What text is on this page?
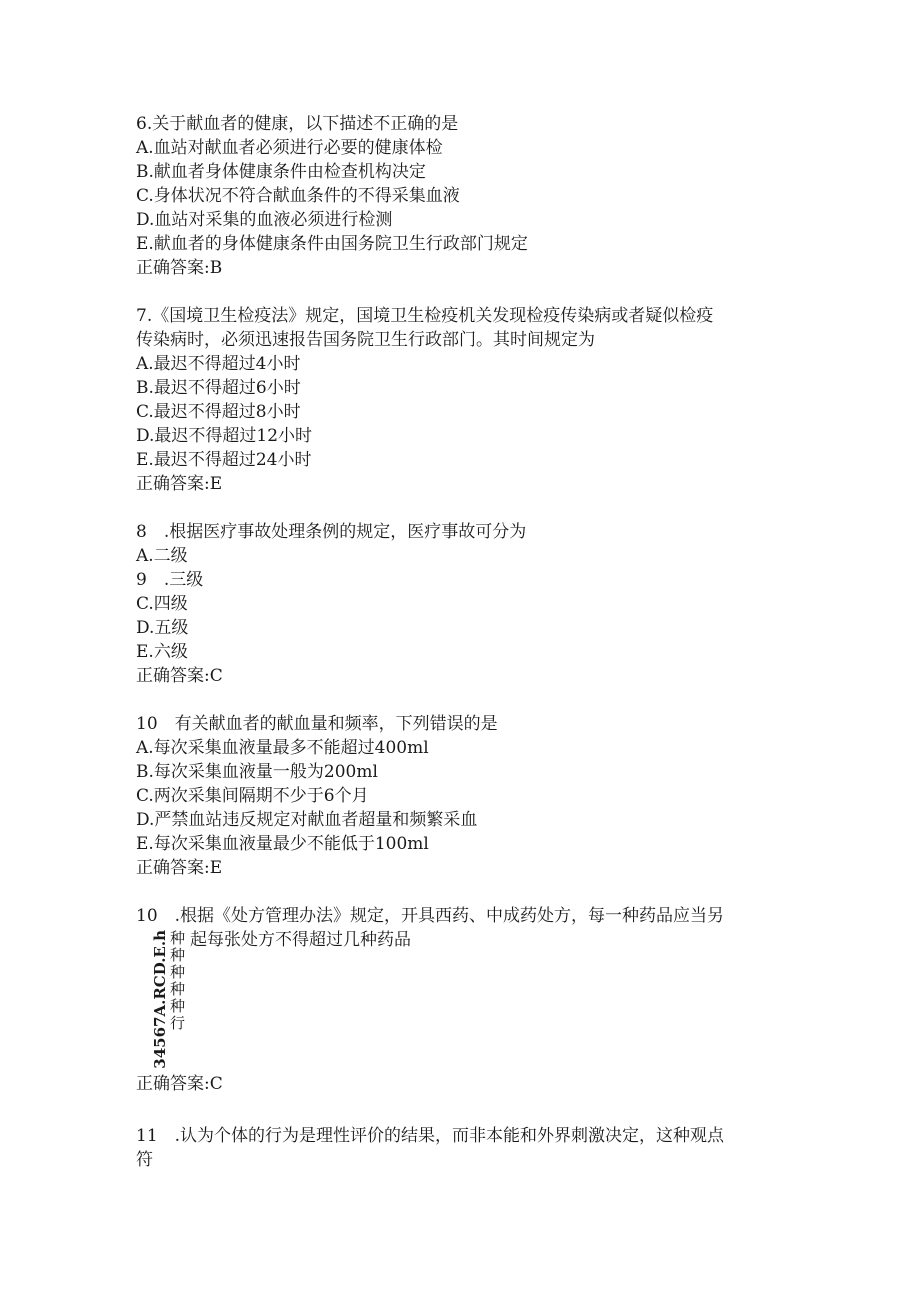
6.关于献血者的健康，以下描述不正确的是
A.血站对献血者必须进行必要的健康体检
B.献血者身体健康条件由检查机构决定
C.身体状况不符合献血条件的不得采集血液
D.血站对采集的血液必须进行检测
E.献血者的身体健康条件由国务院卫生行政部门规定
正确答案:B
7.《国境卫生检疫法》规定，国境卫生检疫机关发现检疫传染病或者疑似检疫
传染病时，必须迅速报告国务院卫生行政部门。其时间规定为
A.最迟不得超过4小时
B.最迟不得超过6小时
C.最迟不得超过8小时
D.最迟不得超过12小时
E.最迟不得超过24小时
正确答案:E
8　.根据医疗事故处理条例的规定，医疗事故可分为
A.二级
9　.三级
C.四级
D.五级
E.六级
正确答案:C
10　有关献血者的献血量和频率，下列错误的是
A.每次采集血液量最多不能超过400ml
B.每次采集血液量一般为200ml
C.两次采集间隔期不少于6个月
D.严禁血站违反规定对献血者超量和频繁采血
E.每次采集血液量最少不能低于100ml
正确答案:E
10　.根据《处方管理办法》规定，开具西药、中成药处方，每一种药品应当另
起每张处方不得超过几种药品
34567A.RCD.E.h 种
种
种
种
种
行
正确答案:C
11　.认为个体的行为是理性评价的结果，而非本能和外界刺激决定，这种观点
符
